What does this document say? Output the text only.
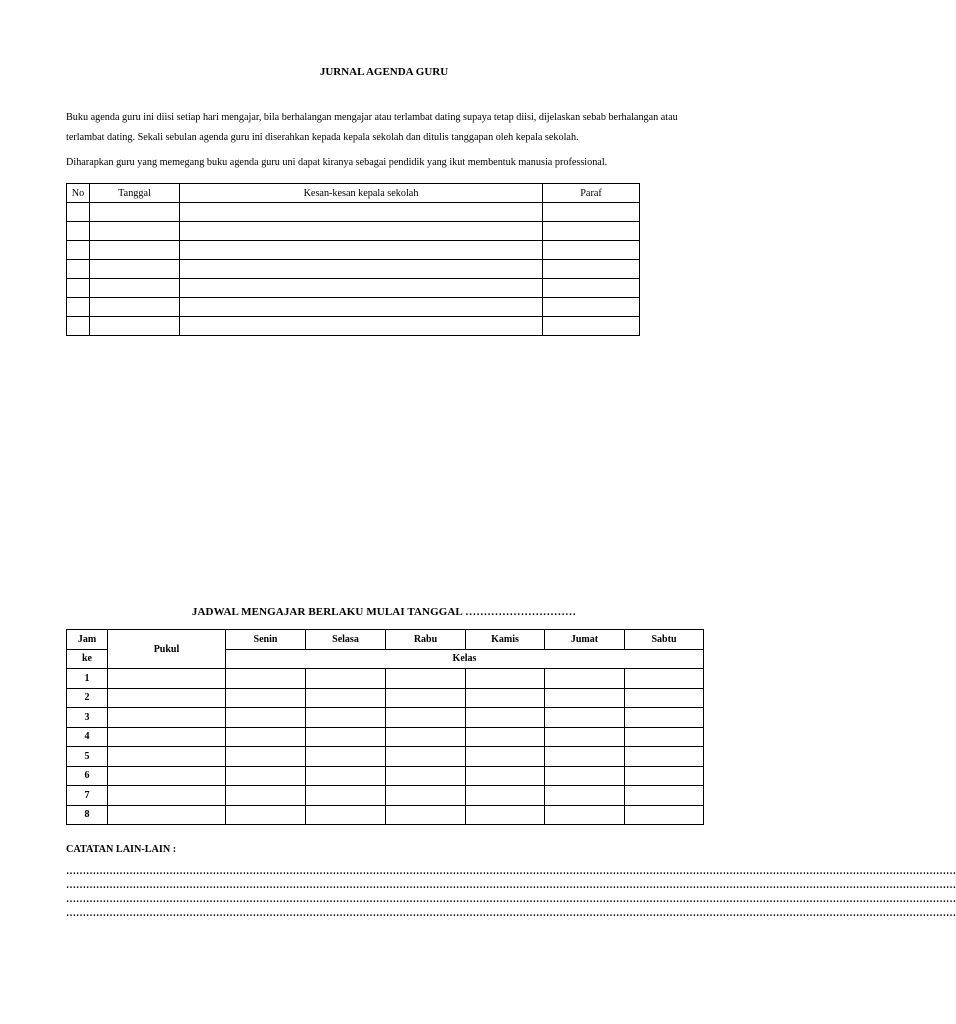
JURNAL AGENDA GURU
Buku agenda guru ini diisi setiap hari mengajar, bila berhalangan mengajar atau terlambat dating supaya tetap diisi, dijelaskan sebab berhalangan atau terlambat dating. Sekali sebulan agenda guru ini diserahkan kepada kepala sekolah dan ditulis tanggapan oleh kepala sekolah.
Diharapkan guru yang memegang buku agenda guru uni dapat kiranya sebagai pendidik yang ikut membentuk manusia professional.
No	Tanggal	Kesan-kesan kepala sekolah	Paraf

JADWAL MENGAJAR BERLAKU MULAI TANGGAL …………………………
Jam	Pukul	Senin	Selasa	Rabu	Kamis	Jumat	Sabtu
ke		Kelas					
1							
2							
3							
4							
5							
6							
7							
8							
CATATAN LAIN-LAIN :
……………………………………………………………………………………………………………………………………………………………………………………………………………………………………………
……………………………………………………………………………………………………………………………………………………………………………………………………………………………………………
……………………………………………………………………………………………………………………………………………………………………………………………………………………………………………
……………………………………………………………………………………………………………………………………………………………………………………………………………………………………………
